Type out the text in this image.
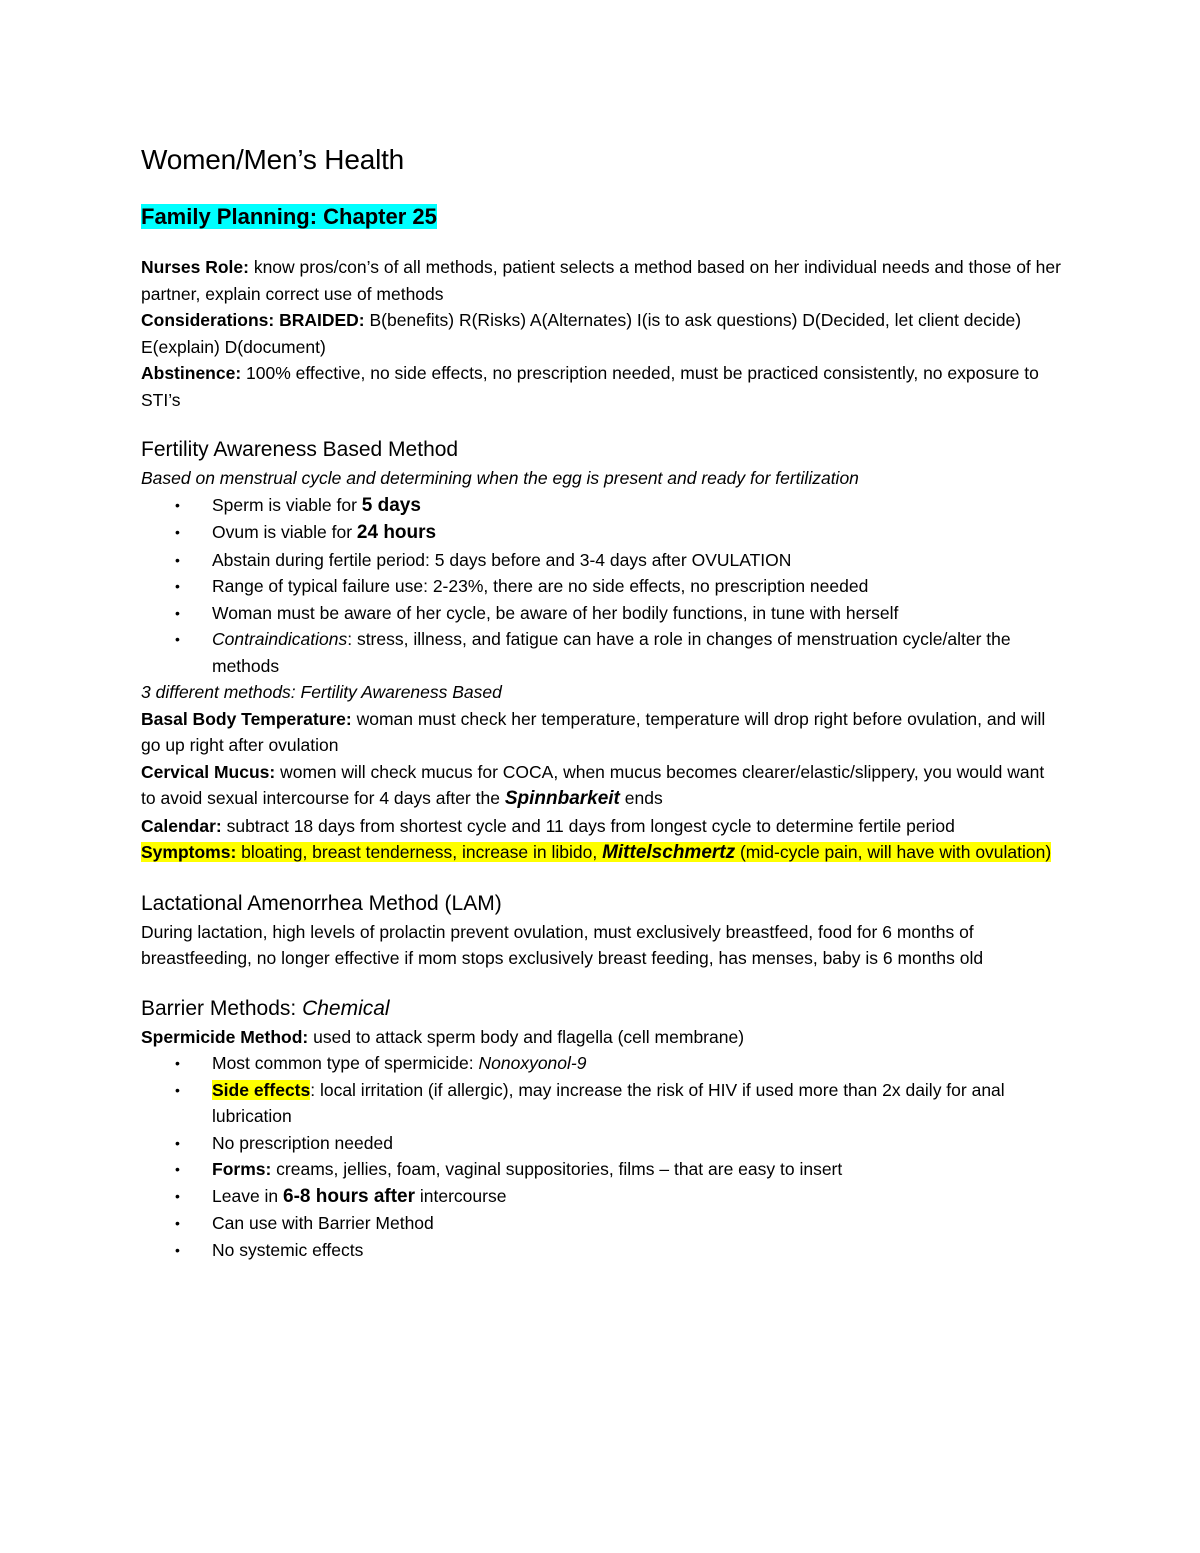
Women/Men’s Health
Family Planning: Chapter 25

Nurses Role: know pros/con’s of all methods, patient selects a method based on her individual needs and those of her partner, explain correct use of methods

Considerations: BRAIDED: B(benefits) R(Risks) A(Alternates) I(is to ask questions) D(Decided, let client decide) E(explain) D(document)

Abstinence: 100% effective, no side effects, no prescription needed, must be practiced consistently, no exposure to STI’s

Fertility Awareness Based Method

Based on menstrual cycle and determining when the egg is present and ready for fertilization

• Sperm is viable for 5 days
• Ovum is viable for 24 hours
• Abstain during fertile period: 5 days before and 3-4 days after OVULATION
• Range of typical failure use: 2-23%, there are no side effects, no prescription needed
• Woman must be aware of her cycle, be aware of her bodily functions, in tune with herself
• Contraindications: stress, illness, and fatigue can have a role in changes of menstruation cycle/alter the methods

3 different methods: Fertility Awareness Based

Basal Body Temperature: woman must check her temperature, temperature will drop right before ovulation, and will go up right after ovulation

Cervical Mucus: women will check mucus for COCA, when mucus becomes clearer/elastic/slippery, you would want to avoid sexual intercourse for 4 days after the Spinnbarkeit ends

Calendar: subtract 18 days from shortest cycle and 11 days from longest cycle to determine fertile period

Symptoms: bloating, breast tenderness, increase in libido, Mittelschmertz (mid-cycle pain, will have with ovulation)

Lactational Amenorrhea Method (LAM)

During lactation, high levels of prolactin prevent ovulation, must exclusively breastfeed, food for 6 months of breastfeeding, no longer effective if mom stops exclusively breast feeding, has menses, baby is 6 months old

Barrier Methods: Chemical

Spermicide Method: used to attack sperm body and flagella (cell membrane)

• Most common type of spermicide: Nonoxyonol-9
• Side effects: local irritation (if allergic), may increase the risk of HIV if used more than 2x daily for anal lubrication
• No prescription needed
• Forms: creams, jellies, foam, vaginal suppositories, films – that are easy to insert
• Leave in 6-8 hours after intercourse
• Can use with Barrier Method
• No systemic effects
